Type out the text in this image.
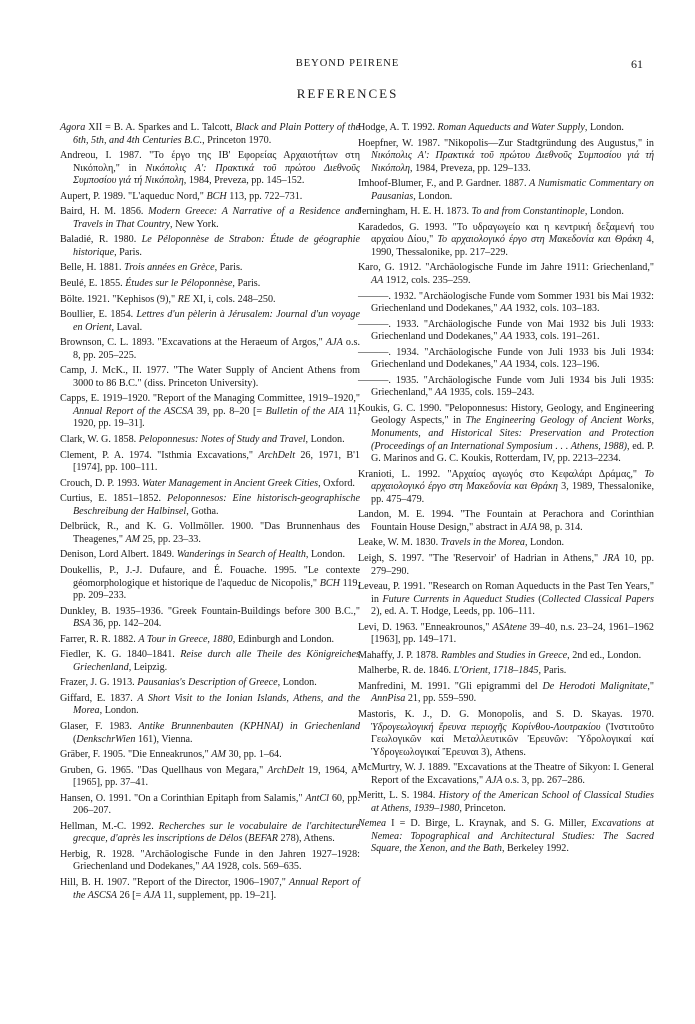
BEYOND PEIRENE	61
REFERENCES

Agora XII = B. A. Sparkes and L. Talcott, Black and Plain Pottery of the 6th, 5th, and 4th Centuries B.C., Princeton 1970.

Andreou, I. 1987. "Το έργο της ΙΒ' Εφορείας Αρχαιοτήτων στη Νικόπολη," in Νικόπολις Α': Πρακτικά τοῦ πρώτου Διεθνοῦς Συμποσίου γιά τή Νικόπολη, 1984, Preveza, pp. 145–152.

Aupert, P. 1989. "L'aqueduc Nord," BCH 113, pp. 722–731.

Baird, H. M. 1856. Modern Greece: A Narrative of a Residence and Travels in That Country, New York.

Baladié, R. 1980. Le Péloponnèse de Strabon: Étude de géographie historique, Paris.

Belle, H. 1881. Trois années en Grèce, Paris.

Beulé, E. 1855. Études sur le Péloponnèse, Paris.

Bölte. 1921. "Kephisos (9)," RE XI, i, cols. 248–250.

Boullier, E. 1854. Lettres d'un pèlerin à Jérusalem: Journal d'un voyage en Orient, Laval.

Brownson, C. L. 1893. "Excavations at the Heraeum of Argos," AJA o.s. 8, pp. 205–225.

Camp, J. McK., II. 1977. "The Water Supply of Ancient Athens from 3000 to 86 B.C." (diss. Princeton University).

Capps, E. 1919–1920. "Report of the Managing Committee, 1919–1920," Annual Report of the ASCSA 39, pp. 8–20 [= Bulletin of the AIA 11, 1920, pp. 19–31].

Clark, W. G. 1858. Peloponnesus: Notes of Study and Travel, London.

Clement, P. A. 1974. "Isthmia Excavations," ArchDelt 26, 1971, B'1 [1974], pp. 100–111.

Crouch, D. P. 1993. Water Management in Ancient Greek Cities, Oxford.

Curtius, E. 1851–1852. Peloponnesos: Eine historisch-geographische Beschreibung der Halbinsel, Gotha.

Delbrück, R., and K. G. Vollmöller. 1900. "Das Brunnenhaus des Theagenes," AM 25, pp. 23–33.

Denison, Lord Albert. 1849. Wanderings in Search of Health, London.

Doukellis, P., J.-J. Dufaure, and É. Fouache. 1995. "Le contexte géomorphologique et historique de l'aqueduc de Nicopolis," BCH 119, pp. 209–233.

Dunkley, B. 1935–1936. "Greek Fountain-Buildings before 300 B.C.," BSA 36, pp. 142–204.

Farrer, R. R. 1882. A Tour in Greece, 1880, Edinburgh and London.

Fiedler, K. G. 1840–1841. Reise durch alle Theile des Königreiches Griechenland, Leipzig.

Frazer, J. G. 1913. Pausanias's Description of Greece, London.

Giffard, E. 1837. A Short Visit to the Ionian Islands, Athens, and the Morea, London.

Glaser, F. 1983. Antike Brunnenbauten (KPHNAI) in Griechenland (DenkschrWien 161), Vienna.

Gräber, F. 1905. "Die Enneakrunos," AM 30, pp. 1–64.

Gruben, G. 1965. "Das Quellhaus von Megara," ArchDelt 19, 1964, A' [1965], pp. 37–41.

Hansen, O. 1991. "On a Corinthian Epitaph from Salamis," AntCl 60, pp. 206–207.

Hellman, M.-C. 1992. Recherches sur le vocabulaire de l'architecture grecque, d'après les inscriptions de Délos (BEFAR 278), Athens.

Herbig, R. 1928. "Archäologische Funde in den Jahren 1927–1928: Griechenland und Dodekanes," AA 1928, cols. 569–635.

Hill, B. H. 1907. "Report of the Director, 1906–1907," Annual Report of the ASCSA 26 [= AJA 11, supplement, pp. 19–21].

Hodge, A. T. 1992. Roman Aqueducts and Water Supply, London.

Hoepfner, W. 1987. "Nikopolis—Zur Stadtgründung des Augustus," in Νικόπολις Α': Πρακτικά τοῦ πρώτου Διεθνοῦς Συμποσίου γιά τή Νικόπολη, 1984, Preveza, pp. 129–133.

Imhoof-Blumer, F., and P. Gardner. 1887. A Numismatic Commentary on Pausanias, London.

Jerningham, H. E. H. 1873. To and from Constantinople, London.

Karadedos, G. 1993. "Το υδραγωγείο και η κεντρική δεξαμενή του αρχαίου Δίου," Το αρχαιολογικό έργο στη Μακεδονία και Θράκη 4, 1990, Thessalonike, pp. 217–229.

Karo, G. 1912. "Archäologische Funde im Jahre 1911: Griechenland," AA 1912, cols. 235–259.

———. 1932. "Archäologische Funde vom Sommer 1931 bis Mai 1932: Griechenland und Dodekanes," AA 1932, cols. 103–183.

———. 1933. "Archäologische Funde von Mai 1932 bis Juli 1933: Griechenland und Dodekanes," AA 1933, cols. 191–261.

———. 1934. "Archäologische Funde von Juli 1933 bis Juli 1934: Griechenland und Dodekanes," AA 1934, cols. 123–196.

———. 1935. "Archäologische Funde vom Juli 1934 bis Juli 1935: Griechenland," AA 1935, cols. 159–243.

Koukis, G. C. 1990. "Peloponnesus: History, Geology, and Engineering Geology Aspects," in The Engineering Geology of Ancient Works, Monuments, and Historical Sites: Preservation and Protection (Proceedings of an International Symposium . . . Athens, 1988), ed. P. G. Marinos and G. C. Koukis, Rotterdam, IV, pp. 2213–2234.

Kranioti, L. 1992. "Αρχαίος αγωγός στο Κεφαλάρι Δράμας," Το αρχαιολογικό έργο στη Μακεδονία και Θράκη 3, 1989, Thessalonike, pp. 475–479.

Landon, M. E. 1994. "The Fountain at Perachora and Corinthian Fountain House Design," abstract in AJA 98, p. 314.

Leake, W. M. 1830. Travels in the Morea, London.

Leigh, S. 1997. "The 'Reservoir' of Hadrian in Athens," JRA 10, pp. 279–290.

Leveau, P. 1991. "Research on Roman Aqueducts in the Past Ten Years," in Future Currents in Aqueduct Studies (Collected Classical Papers 2), ed. A. T. Hodge, Leeds, pp. 106–111.

Levi, D. 1963. "Enneakrounos," ASAtene 39–40, n.s. 23–24, 1961–1962 [1963], pp. 149–171.

Mahaffy, J. P. 1878. Rambles and Studies in Greece, 2nd ed., London.

Malherbe, R. de. 1846. L'Orient, 1718–1845, Paris.

Manfredini, M. 1991. "Gli epigrammi del De Herodoti Malignitate," AnnPisa 21, pp. 559–590.

Mastoris, K. J., D. G. Monopolis, and S. D. Skayas. 1970. Ὑδρογεωλογική ἔρευνα περιοχῆς Κορίνθου-Λουτρακίου (Ἰνστιτοῦτο Γεωλογικῶν καί Μεταλλευτικῶν Ἐρευνῶν: Ὑδρολογικαί καί Ὑδρογεωλογικαί Ἔρευναι 3), Athens.

McMurtry, W. J. 1889. "Excavations at the Theatre of Sikyon: I. General Report of the Excavations," AJA o.s. 3, pp. 267–286.

Meritt, L. S. 1984. History of the American School of Classical Studies at Athens, 1939–1980, Princeton.

Nemea I = D. Birge, L. Kraynak, and S. G. Miller, Excavations at Nemea: Topographical and Architectural Studies: The Sacred Square, the Xenon, and the Bath, Berkeley 1992.
